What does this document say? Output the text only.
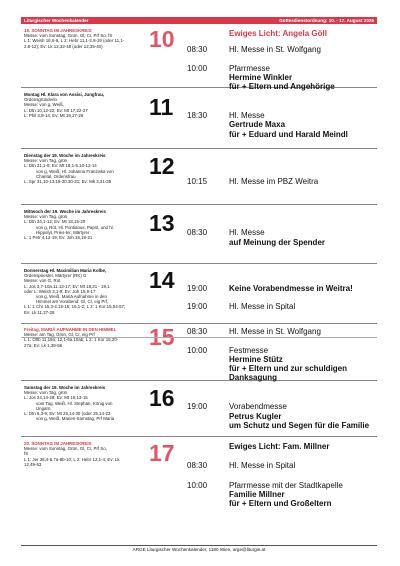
Liturgischer Wochenkalender	Gottesdienstordnung: 10. - 17. August 2025
19. SONNTAG IM JAHRESKREIS
Messe: vom Sonntag, Grün, Gl, Cr, Prf So, fS
L 1: Weish 18,6-9, L 2: Hebr 11,1-2.8-19 (oder 11,1-
2.8-12); Ev: Lk 12,32-48 (oder 12,35-40)	10	Ewiges Licht: Angela Göll
08:30	Hl. Messe in St. Wolfgang
10:00	Pfarrmesse
Hermine Winkler
für + Eltern und Angehörige
Montag Hl. Klara von Assisi, Jungfrau,
Ordensgründerin
Messe: von g, Weiß,
L: Dtn 10,12-22; Ev: Mt 17,22-27
L: Phil 3,8-14; Ev: Mt 19,27-29	11 18:30	Hl. Messe
Gertrude Maxa
für + Eduard und Harald Meindl
Dienstag der 19. Woche im Jahreskreis
Messe: vom Tag, grün
L: Dtn 31,1-8; Ev: Mt 18,1-5.10-12-14
von g, Weiß, Hl. Johanna Franziska von
Chantal, Ordensfrau
L: Spr 31,10-13.19-20.30-31; Ev: Mk 3,31-35
12
10:15	Hl. Messe im PBZ Weitra
Mittwoch der 19. Woche im Jahreskreis
Messe: vom Tag, grün
L: Dtn 34,1-12; Ev: Mt 18,15-20
von g, Rot, Hl. Pontianus, Papst, und hl.
Hippolyt, Pries-ter, Märtyrer
L: 1 Petr 4,12-19; Ev: Joh 15,18-21
13 08:30	Hl. Messe
auf Meinung der Spender
Donnerstag Hl. Maximilian Maria Kolbe,
Ordenspriester, Märtyrer (RK) G
Messe: von G, Rot
L: Jos 3,7-10a.11.13-17; Ev: Mt 18,21 - 19,1
oder L: Weish 3,1-9; Ev: Joh 15,9-17
von g, Weiß, Mariä Aufnahme in den
Himmel am Vorabend: Gl, Cr, eig Prf,
L 1: 1 Chr 15,3-4.15-16; 16,1-2; L 2: 1 Kor 15,54-57;
Ev: Lk 11,27-28
14 19:00	Keine Vorabendmesse in Weitra!
19:00	Hl. Messe in Spital
Freitag, MARIÄ AUFNAHME IN DEN HIMMEL
Messe: am Tag, Grün, Gl, Cr, eig Prf
L 1: Offb 11,19a; 12,1-6a.10ab; L 2: 1 Kor 15,20-
27a; Ev: Lk 1,39-56	15 08:30	Hl. Messe in St. Wolfgang
10:00	Festmesse
Hermine Stütz
für + Eltern und zur schuldigen
Danksagung
Samstag der 19. Woche im Jahreskreis
Messe: vom Tag, grün
L: Jos 24,14-29; Ev: Mt 19,13-15
vom Tag, Weiß, Hl. Stephan, König von
Ungarn
L: Dtn 6,3-9; Ev: Mt 25,14-30 (oder 25,14-23
von g, Weiß, Marien-Samstag, Prf Maria
16 19:00	Vorabendmesse
Petrus Kugler
um Schutz und Segen für die Familie
20. SONNTAG IM JAHRESKREIS
Messe: vom Sonntag, Grün, Gl, Cr, Prf So,
fS
L 1: Jer 38,4-6.7a-8b-10; L 2: Hebr 12,1-4; Ev: Lk
12,49-53	17	Ewiges Licht: Fam. Millner
08:30	Hl. Messe in Spital
10:00	Pfarrmesse mit der Stadtkapelle
Familie Millner
für + Eltern und Großeltern
ARGE Liturgischer Wochenkalender, 1180 Wien, arge@liturgie.at
